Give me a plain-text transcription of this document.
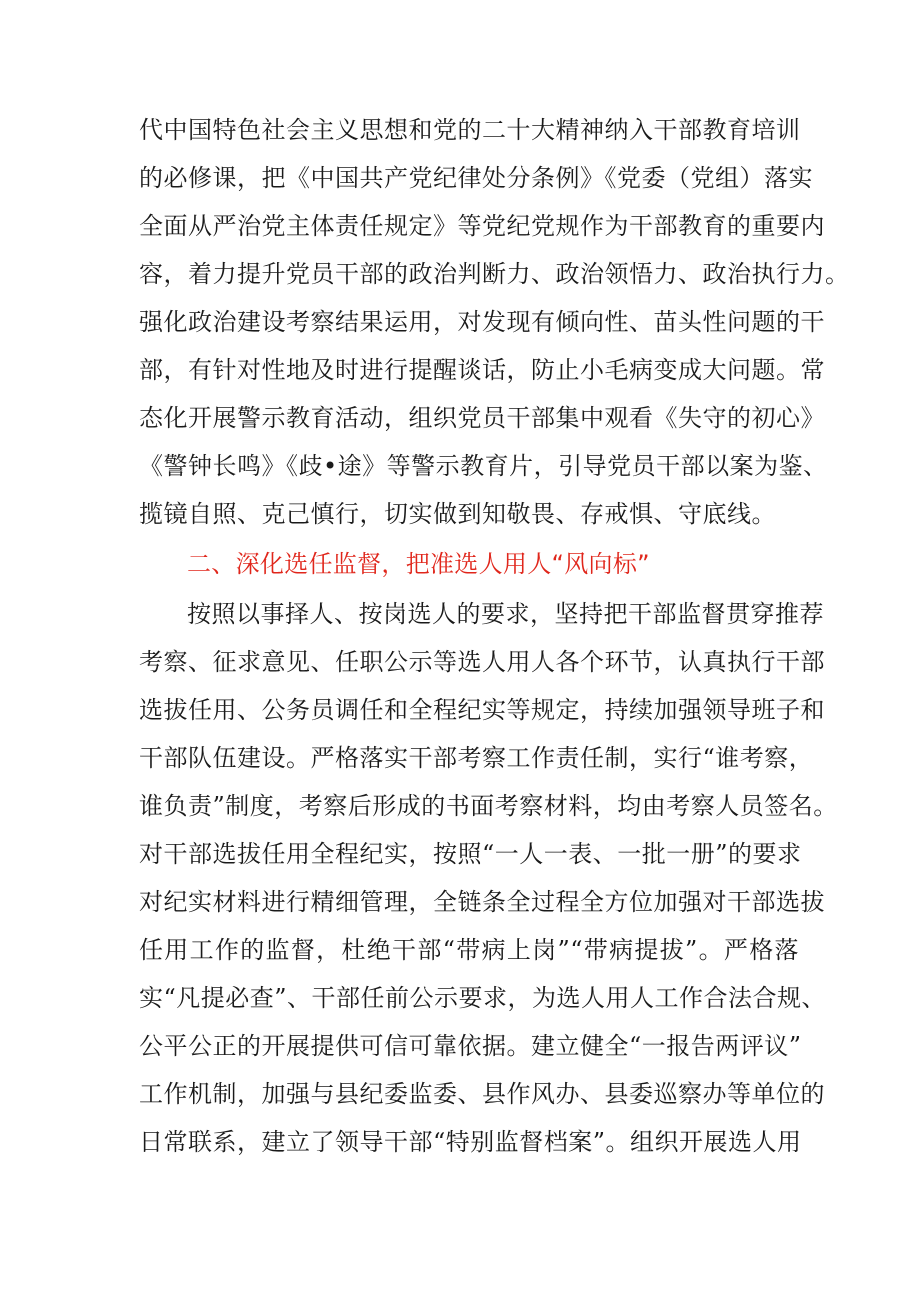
代中国特色社会主义思想和党的二十大精神纳入干部教育培训
的必修课，把《中国共产党纪律处分条例》《党委（党组）落实
全面从严治党主体责任规定》等党纪党规作为干部教育的重要内
容，着力提升党员干部的政治判断力、政治领悟力、政治执行力。
强化政治建设考察结果运用，对发现有倾向性、苗头性问题的干
部，有针对性地及时进行提醒谈话，防止小毛病变成大问题。常
态化开展警示教育活动，组织党员干部集中观看《失守的初心》
《警钟长鸣》《歧•途》等警示教育片，引导党员干部以案为鉴、
揽镜自照、克己慎行，切实做到知敬畏、存戒惧、守底线。
二、深化选任监督，把准选人用人“风向标”
按照以事择人、按岗选人的要求，坚持把干部监督贯穿推荐
考察、征求意见、任职公示等选人用人各个环节，认真执行干部
选拔任用、公务员调任和全程纪实等规定，持续加强领导班子和
干部队伍建设。严格落实干部考察工作责任制，实行“谁考察，
谁负责”制度，考察后形成的书面考察材料，均由考察人员签名。
对干部选拔任用全程纪实，按照“一人一表、一批一册”的要求
对纪实材料进行精细管理，全链条全过程全方位加强对干部选拔
任用工作的监督，杜绝干部“带病上岗”“带病提拔”。严格落
实“凡提必查”、干部任前公示要求，为选人用人工作合法合规、
公平公正的开展提供可信可靠依据。建立健全“一报告两评议”
工作机制，加强与县纪委监委、县作风办、县委巡察办等单位的
日常联系，建立了领导干部“特别监督档案”。组织开展选人用
